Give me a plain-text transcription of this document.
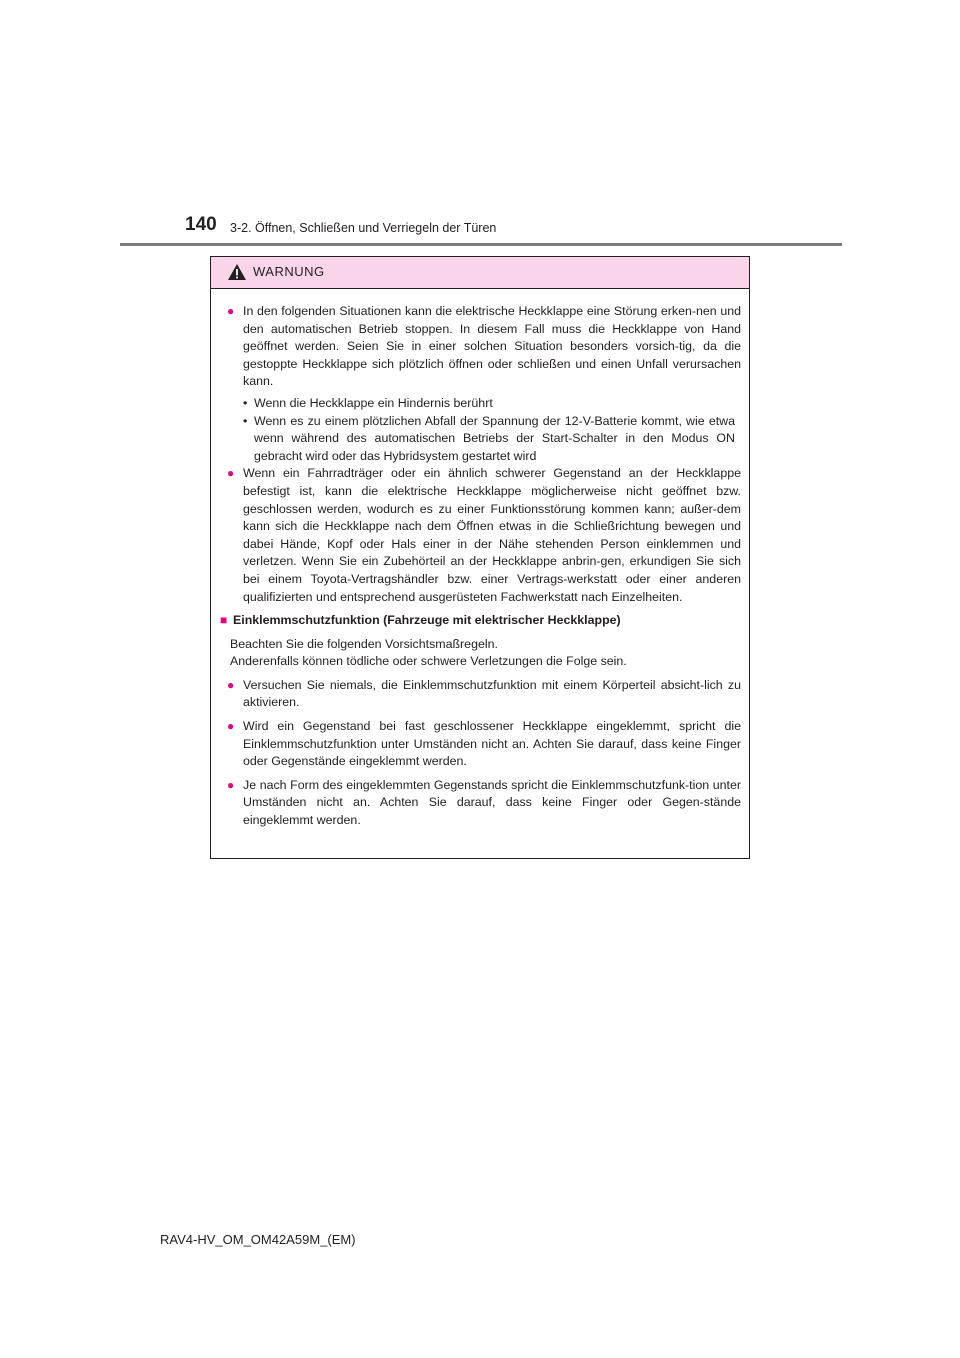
140 3-2. Öffnen, Schließen und Verriegeln der Türen
WARNUNG
● In den folgenden Situationen kann die elektrische Heckklappe eine Störung erken-nen und den automatischen Betrieb stoppen. In diesem Fall muss die Heckklappe von Hand geöffnet werden. Seien Sie in einer solchen Situation besonders vorsich-tig, da die gestoppte Heckklappe sich plötzlich öffnen oder schließen und einen Unfall verursachen kann.
• Wenn die Heckklappe ein Hindernis berührt
• Wenn es zu einem plötzlichen Abfall der Spannung der 12-V-Batterie kommt, wie etwa wenn während des automatischen Betriebs der Start-Schalter in den Modus ON gebracht wird oder das Hybridsystem gestartet wird
● Wenn ein Fahrradträger oder ein ähnlich schwerer Gegenstand an der Heckklappe befestigt ist, kann die elektrische Heckklappe möglicherweise nicht geöffnet bzw. geschlossen werden, wodurch es zu einer Funktionsstörung kommen kann; außer-dem kann sich die Heckklappe nach dem Öffnen etwas in die Schließrichtung bewegen und dabei Hände, Kopf oder Hals einer in der Nähe stehenden Person einklemmen und verletzen. Wenn Sie ein Zubehörteil an der Heckklappe anbrin-gen, erkundigen Sie sich bei einem Toyota-Vertragshändler bzw. einer Vertrags-werkstatt oder einer anderen qualifizierten und entsprechend ausgerüsteten Fachwerkstatt nach Einzelheiten.
■ Einklemmschutzfunktion (Fahrzeuge mit elektrischer Heckklappe)
Beachten Sie die folgenden Vorsichtsmaßregeln.
Anderenfalls können tödliche oder schwere Verletzungen die Folge sein.
● Versuchen Sie niemals, die Einklemmschutzfunktion mit einem Körperteil absicht-lich zu aktivieren.
● Wird ein Gegenstand bei fast geschlossener Heckklappe eingeklemmt, spricht die Einklemmschutzfunktion unter Umständen nicht an. Achten Sie darauf, dass keine Finger oder Gegenstände eingeklemmt werden.
● Je nach Form des eingeklemmten Gegenstands spricht die Einklemmschutzfunk-tion unter Umständen nicht an. Achten Sie darauf, dass keine Finger oder Gegen-stände eingeklemmt werden.
RAV4-HV_OM_OM42A59M_(EM)
